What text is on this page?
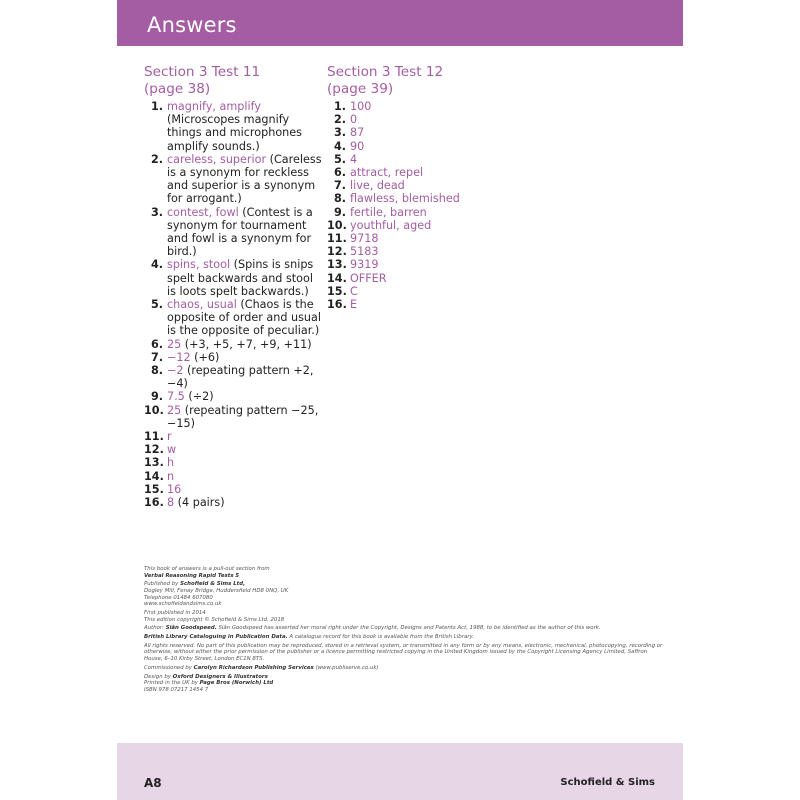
Answers
Section 3 Test 11
(page 38)
1. magnify, amplify (Microscopes magnify things and microphones amplify sounds.)
2. careless, superior (Careless is a synonym for reckless and superior is a synonym for arrogant.)
3. contest, fowl (Contest is a synonym for tournament and fowl is a synonym for bird.)
4. spins, stool (Spins is snips spelt backwards and stool is loots spelt backwards.)
5. chaos, usual (Chaos is the opposite of order and usual is the opposite of peculiar.)
6. 25 (+3, +5, +7, +9, +11)
7. −12 (+6)
8. −2 (repeating pattern +2, −4)
9. 7.5 (÷2)
10. 25 (repeating pattern −25, −15)
11. r
12. w
13. h
14. n
15. 16
16. 8 (4 pairs)
Section 3 Test 12
(page 39)
1. 100
2. 0
3. 87
4. 90
5. 4
6. attract, repel
7. live, dead
8. flawless, blemished
9. fertile, barren
10. youthful, aged
11. 9718
12. 5183
13. 9319
14. OFFER
15. C
16. E

This book of answers is a pull-out section from
Verbal Reasoning Rapid Tests 5

Published by Schofield & Sims Ltd,
Dogley Mill, Fenay Bridge, Huddersfield HD8 0NQ, UK
Telephone 01484 607080
www.schofieldandsims.co.uk

First published in 2014
This edition copyright © Schofield & Sims Ltd, 2018

Author: Siân Goodspeed. Siân Goodspeed has asserted her moral right under the Copyright, Designs and Patents Act, 1988, to be identified as the author of this work.

British Library Cataloguing in Publication Data. A catalogue record for this book is available from the British Library.

All rights reserved. No part of this publication may be reproduced, stored in a retrieval system, or transmitted in any form or by any means, electronic, mechanical, photocopying, recording or otherwise, without either the prior permission of the publisher or a licence permitting restricted copying in the United Kingdom issued by the Copyright Licensing Agency Limited, Saffron House, 6–10 Kirby Street, London EC1N 8TS.

Commissioned by Carolyn Richardson Publishing Services (www.publiserve.co.uk)

Design by Oxford Designers & Illustrators
Printed in the UK by Page Bros (Norwich) Ltd
ISBN 978 07217 1454 7

A8	Schofield & Sims
